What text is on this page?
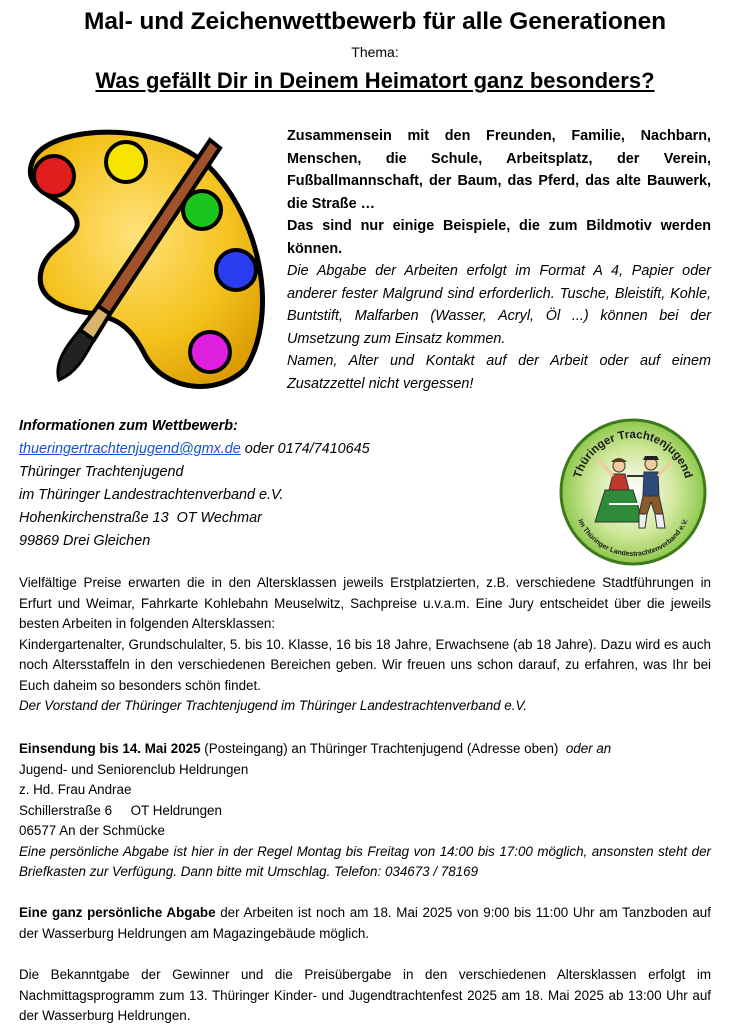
Mal- und Zeichenwettbewerb für alle Generationen
Thema:
Was gefällt Dir in Deinem Heimatort ganz besonders?

Zusammensein mit den Freunden, Familie, Nachbarn, Menschen, die Schule, Arbeitsplatz, der Verein, Fußballmannschaft, der Baum, das Pferd, das alte Bauwerk, die Straße …

Das sind nur einige Beispiele, die zum Bildmotiv werden können.

Die Abgabe der Arbeiten erfolgt im Format A 4, Papier oder anderer fester Malgrund sind erforderlich. Tusche, Bleistift, Kohle, Buntstift, Malfarben (Wasser, Acryl, Öl ...) können bei der Umsetzung zum Einsatz kommen.

Namen, Alter und Kontakt auf der Arbeit oder auf einem Zusatzzettel nicht vergessen!

Informationen zum Wettbewerb:
thueringertrachtenjugend@gmx.de oder 0174/7410645
Thüringer Trachtenjugend
im Thüringer Landestrachtenverband e.V.
Hohenkirchenstraße 13  OT Wechmar
99869 Drei Gleichen
Thüringer Trachtenjugend
im Thüringer Landestrachtenverband e.V.

Vielfältige Preise erwarten die in den Altersklassen jeweils Erstplatzierten, z.B. verschiedene Stadtführungen in Erfurt und Weimar, Fahrkarte Kohlebahn Meuselwitz, Sachpreise u.v.a.m. Eine Jury entscheidet über die jeweils besten Arbeiten in folgenden Altersklassen:

Kindergartenalter, Grundschulalter, 5. bis 10. Klasse, 16 bis 18 Jahre, Erwachsene (ab 18 Jahre). Dazu wird es auch noch Altersstaffeln in den verschiedenen Bereichen geben. Wir freuen uns schon darauf, zu erfahren, was Ihr bei Euch daheim so besonders schön findet.

Der Vorstand der Thüringer Trachtenjugend im Thüringer Landestrachtenverband e.V.

Einsendung bis 14. Mai 2025 (Posteingang) an Thüringer Trachtenjugend (Adresse oben)  oder an

Jugend- und Seniorenclub Heldrungen

z. Hd. Frau Andrae

Schillerstraße 6     OT Heldrungen

06577 An der Schmücke

Eine persönliche Abgabe ist hier in der Regel Montag bis Freitag von 14:00 bis 17:00 möglich, ansonsten steht der Briefkasten zur Verfügung. Dann bitte mit Umschlag. Telefon: 034673 / 78169

Eine ganz persönliche Abgabe der Arbeiten ist noch am 18. Mai 2025 von 9:00 bis 11:00 Uhr am Tanzboden auf der Wasserburg Heldrungen am Magazingebäude möglich.

Die Bekanntgabe der Gewinner und die Preisübergabe in den verschiedenen Altersklassen erfolgt im Nachmittagsprogramm zum 13. Thüringer Kinder- und Jugendtrachtenfest 2025 am 18. Mai 2025 ab 13:00 Uhr auf der Wasserburg Heldrungen.
